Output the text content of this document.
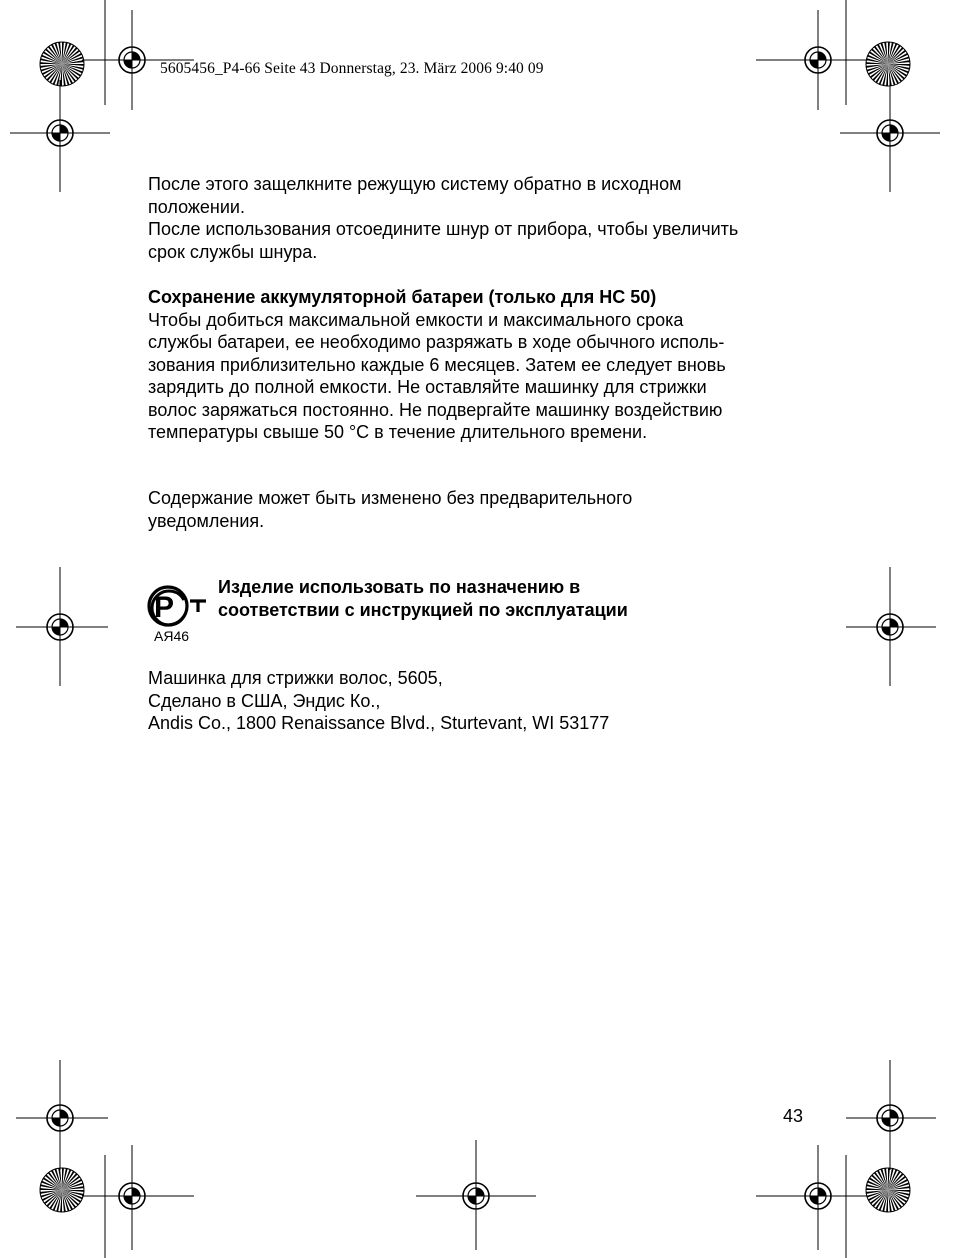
5605456_P4-66 Seite 43 Donnerstag, 23. März 2006 9:40 09

После этого защелкните режущую систему обратно в исходном

положении.

После использования отсоедините шнур от прибора, чтобы увеличить

срок службы шнура.

Сохранение аккумуляторной батареи (только для HC 50)

Чтобы добиться максимальной емкости и максимального срока

службы батареи, ее необходимо разряжать в ходе обычного исполь-

зования приблизительно каждые 6 месяцев. Затем ее следует вновь

зарядить до полной емкости. Не оставляйте машинку для стрижки

волос заряжаться постоянно. Не подвергайте машинку воздействию

температуры свыше 50 °C в течение длительного времени.

Содержание может быть изменено без предварительного

уведомления.

P
АЯ46
Изделие использовать по назначению в
соответствии с инструкцией по эксплуатации

Машинка для стрижки волос, 5605,

Сделано в США, Эндис Ко.,

Andis Co., 1800 Renaissance Blvd., Sturtevant, WI 53177

43
